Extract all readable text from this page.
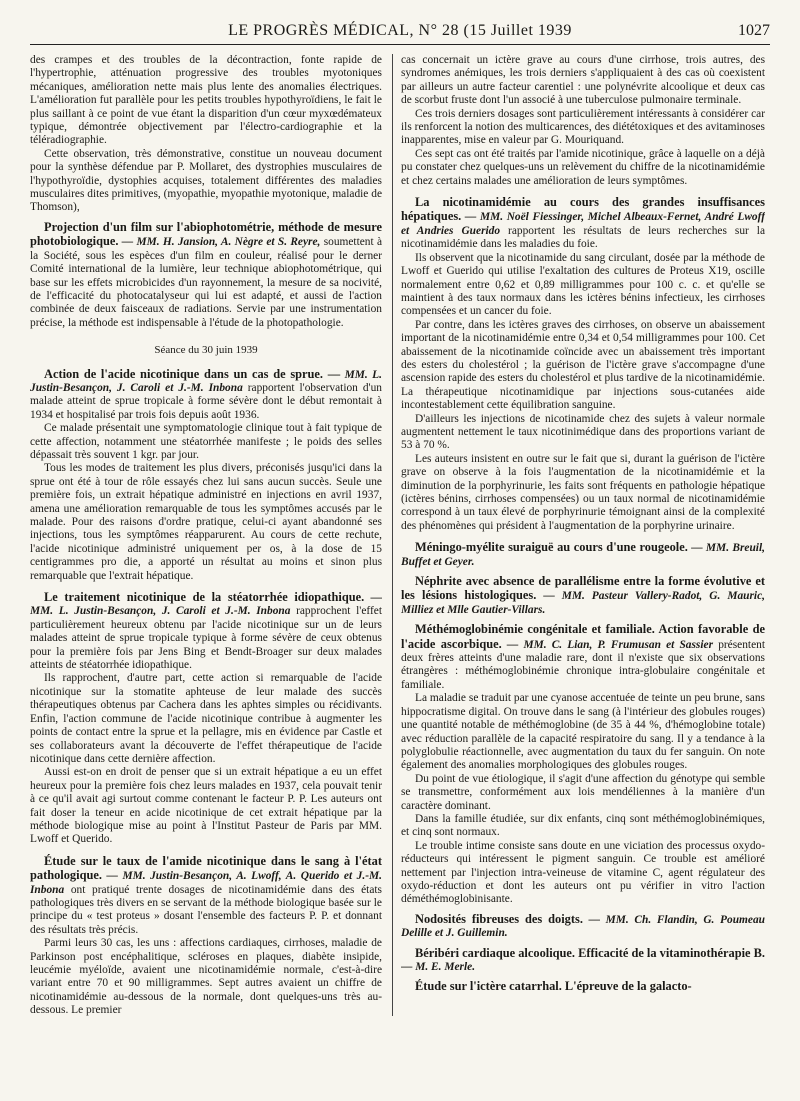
LE PROGRÈS MÉDICAL, N° 28 (15 Juillet 1939	1027

des crampes et des troubles de la décontraction, fonte rapide de l'hypertrophie, atténuation progressive des troubles myotoniques mécaniques, amélioration nette mais plus lente des anomalies électriques. L'amélioration fut parallèle pour les petits troubles hypothyroïdiens, le fait le plus saillant à ce point de vue étant la disparition d'un cœur myxœdémateux typique, démontrée objectivement par l'électro-cardiographie et la téléradiographie.

Cette observation, très démonstrative, constitue un nouveau document pour la synthèse défendue par P. Mollaret, des dystrophies musculaires de l'hypothyroïdie, dystophies acquises, totalement différentes des maladies musculaires dites primitives, (myopathie, myopathie myotonique, maladie de Thomson),

Projection d'un film sur l'abiophotométrie, méthode de mesure photobiologique. — MM. H. Jansion, A. Nègre et S. Reyre, soumettent à la Société, sous les espèces d'un film en couleur, réalisé pour le derner Comité international de la lumière, leur technique abiophotométrique, qui base sur les effets microbicides d'un rayonnement, la mesure de sa nocivité, de l'efficacité du photocatalyseur qui lui est adapté, et aussi de l'action combinée de deux faisceaux de radiations. Servie par une instrumentation précise, la méthode est indispensable à l'étude de la photopathologie.

Séance du 30 juin 1939

Action de l'acide nicotinique dans un cas de sprue. — MM. L. Justin-Besançon, J. Caroli et J.-M. Inbona rapportent l'observation d'un malade atteint de sprue tropicale à forme sévère dont le début remontait à 1934 et hospitalisé par trois fois depuis août 1936.

Ce malade présentait une symptomatologie clinique tout à fait typique de cette affection, notamment une stéatorrhée manifeste ; le poids des selles dépassait très souvent 1 kgr. par jour.

Tous les modes de traitement les plus divers, préconisés jusqu'ici dans la sprue ont été à tour de rôle essayés chez lui sans aucun succès. Seule une première fois, un extrait hépatique administré en injections en avril 1937, amena une amélioration remarquable de tous les symptômes accusés par le malade. Pour des raisons d'ordre pratique, celui-ci ayant abandonné ses injections, tous les symptômes réapparurent. Au cours de cette rechute, l'acide nicotinique administré uniquement per os, à la dose de 15 centigrammes pro die, a apporté un résultat au moins et sinon plus remarquable que l'extrait hépatique.

Le traitement nicotinique de la stéatorrhée idiopathique. — MM. L. Justin-Besançon, J. Caroli et J.-M. Inbona rapprochent l'effet particulièrement heureux obtenu par l'acide nicotinique sur un de leurs malades atteint de sprue tropicale typique à forme sévère de ceux obtenus pour la première fois par Jens Bing et Bendt-Broager sur deux malades atteints de stéatorrhée idiopathique.

Ils rapprochent, d'autre part, cette action si remarquable de l'acide nicotinique sur la stomatite aphteuse de leur malade des succès thérapeutiques obtenus par Cachera dans les aphtes simples ou récidivants. Enfin, l'action commune de l'acide nicotinique contribue à augmenter les points de contact entre la sprue et la pellagre, mis en évidence par Castle et ses collaborateurs avant la découverte de l'effet thérapeutique de l'acide nicotinique dans cette dernière affection.

Aussi est-on en droit de penser que si un extrait hépatique a eu un effet heureux pour la première fois chez leurs malades en 1937, cela pouvait tenir à ce qu'il avait agi surtout comme contenant le facteur P. P. Les auteurs ont fait doser la teneur en acide nicotinique de cet extrait hépatique par la méthode biologique mise au point à l'Institut Pasteur de Paris par MM. Lwoff et Querido.

Étude sur le taux de l'amide nicotinique dans le sang à l'état pathologique. — MM. Justin-Besançon, A. Lwoff, A. Querido et J.-M. Inbona ont pratiqué trente dosages de nicotinamidémie dans des états pathologiques très divers en se servant de la méthode biologique basée sur le principe du « test proteus » dosant l'ensemble des facteurs P. P. et donnant des résultats très précis.

Parmi leurs 30 cas, les uns : affections cardiaques, cirrhoses, maladie de Parkinson post encéphalitique, scléroses en plaques, diabète insipide, leucémie myéloïde, avaient une nicotinamidémie normale, c'est-à-dire variant entre 70 et 90 milligrammes. Sept autres avaient un chiffre de nicotinamidémie au-dessous de la normale, dont quelques-uns très au-dessous. Le premier

cas concernait un ictère grave au cours d'une cirrhose, trois autres, des syndromes anémiques, les trois derniers s'appliquaient à des cas où coexistent par ailleurs un autre facteur carentiel : une polynévrite alcoolique et deux cas de scorbut fruste dont l'un associé à une tuberculose pulmonaire terminale.

Ces trois derniers dosages sont particulièrement intéressants à considérer car ils renforcent la notion des multicarences, des diététoxiques et des avitaminoses inapparentes, mise en valeur par G. Mouriquand.

Ces sept cas ont été traités par l'amide nicotinique, grâce à laquelle on a déjà pu constater chez quelques-uns un relèvement du chiffre de la nicotinamidémie et chez certains malades une amélioration de leurs symptômes.

La nicotinamidémie au cours des grandes insuffisances hépatiques. — MM. Noël Fiessinger, Michel Albeaux-Fernet, André Lwoff et Andries Guerido rapportent les résultats de leurs recherches sur la nicotinamidémie dans les maladies du foie.

Ils observent que la nicotinamide du sang circulant, dosée par la méthode de Lwoff et Guerido qui utilise l'exaltation des cultures de Proteus X19, oscille normalement entre 0,62 et 0,89 milligrammes pour 100 c. c. et qu'elle se maintient à des taux normaux dans les ictères bénins infectieux, les cirrhoses compensées et un cancer du foie.

Par contre, dans les ictères graves des cirrhoses, on observe un abaissement important de la nicotinamidémie entre 0,34 et 0,54 milligrammes pour 100. Cet abaissement de la nicotinamide coïncide avec un abaissement très important des esters du cholestérol ; la guérison de l'ictère grave s'accompagne d'une ascension rapide des esters du cholestérol et plus tardive de la nicotinamidémie. La thérapeutique nicotinamidique par injections sous-cutanées aide incontestablement cette équilibration sanguine.

D'ailleurs les injections de nicotinamide chez des sujets à valeur normale augmentent nettement le taux nicotinimédique dans des proportions variant de 53 à 70 %.

Les auteurs insistent en outre sur le fait que si, durant la guérison de l'ictère grave on observe à la fois l'augmentation de la nicotinamidémie et la diminution de la porphyrinurie, les faits sont fréquents en pathologie hépatique (ictères bénins, cirrhoses compensées) ou un taux normal de nicotinamidémie correspond à un taux élevé de porphyrinurie témoignant ainsi de la complexité des phénomènes qui président à l'augmentation de la porphyrine urinaire.

Méningo-myélite suraiguë au cours d'une rougeole. — MM. Breuil, Buffet et Geyer.

Néphrite avec absence de parallélisme entre la forme évolutive et les lésions histologiques. — MM. Pasteur Vallery-Radot, G. Mauric, Milliez et Mlle Gautier-Villars.

Méthémoglobinémie congénitale et familiale. Action favorable de l'acide ascorbique. — MM. C. Lian, P. Frumusan et Sassier présentent deux frères atteints d'une maladie rare, dont il n'existe que six observations étrangères : méthémoglobinémie chronique intra-globulaire congénitale et familiale.

La maladie se traduit par une cyanose accentuée de teinte un peu brune, sans hippocratisme digital. On trouve dans le sang (à l'intérieur des globules rouges) une quantité notable de méthémoglobine (de 35 à 44 %, d'hémoglobine totale) avec réduction parallèle de la capacité respiratoire du sang. Il y a tendance à la polyglobulie réactionnelle, avec augmentation du taux du fer sanguin. On note également des anomalies morphologiques des globules rouges.

Du point de vue étiologique, il s'agit d'une affection du génotype qui semble se transmettre, conformément aux lois mendéliennes à la manière d'un caractère dominant.

Dans la famille étudiée, sur dix enfants, cinq sont méthémoglobinémiques, et cinq sont normaux.

Le trouble intime consiste sans doute en une viciation des processus oxydo-réducteurs qui intéressent le pigment sanguin. Ce trouble est amélioré nettement par l'injection intra-veineuse de vitamine C, agent régulateur des oxydo-réduction et dont les auteurs ont pu vérifier in vitro l'action déméthémoglobinisante.

Nodosités fibreuses des doigts. — MM. Ch. Flandin, G. Poumeau Delille et J. Guillemin.

Béribéri cardiaque alcoolique. Efficacité de la vitaminothérapie B. — M. E. Merle.

Étude sur l'ictère catarrhal. L'épreuve de la galacto-
